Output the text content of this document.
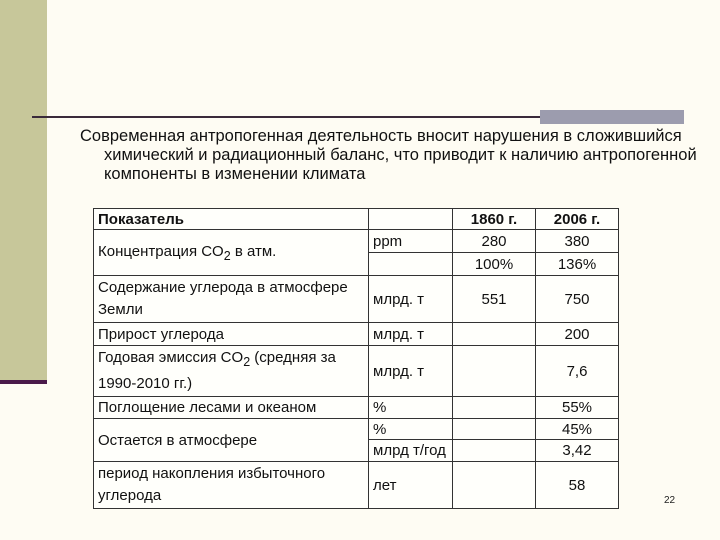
Современная антропогенная деятельность вносит нарушения в сложившийся химический и радиационный баланс, что приводит к наличию антропогенной компоненты в изменении климата
Показатель		1860 г.	2006 г.
Концентрация $CO_2$ в атм.	ppm	280	380
		100%	136%
Содержание углерода в атмосфере Земли	млрд. т	551	750
Прирост углерода	млрд. т		200
Годовая эмиссия $CO_2$ (средняя за 1990-2010 гг.)	млрд. т		7,6
Поглощение лесами и океаном	%		55%
Остается в атмосфере	%		45%
	млрд т/год		3,42
период накопления избыточного углерода	лет		58
22
